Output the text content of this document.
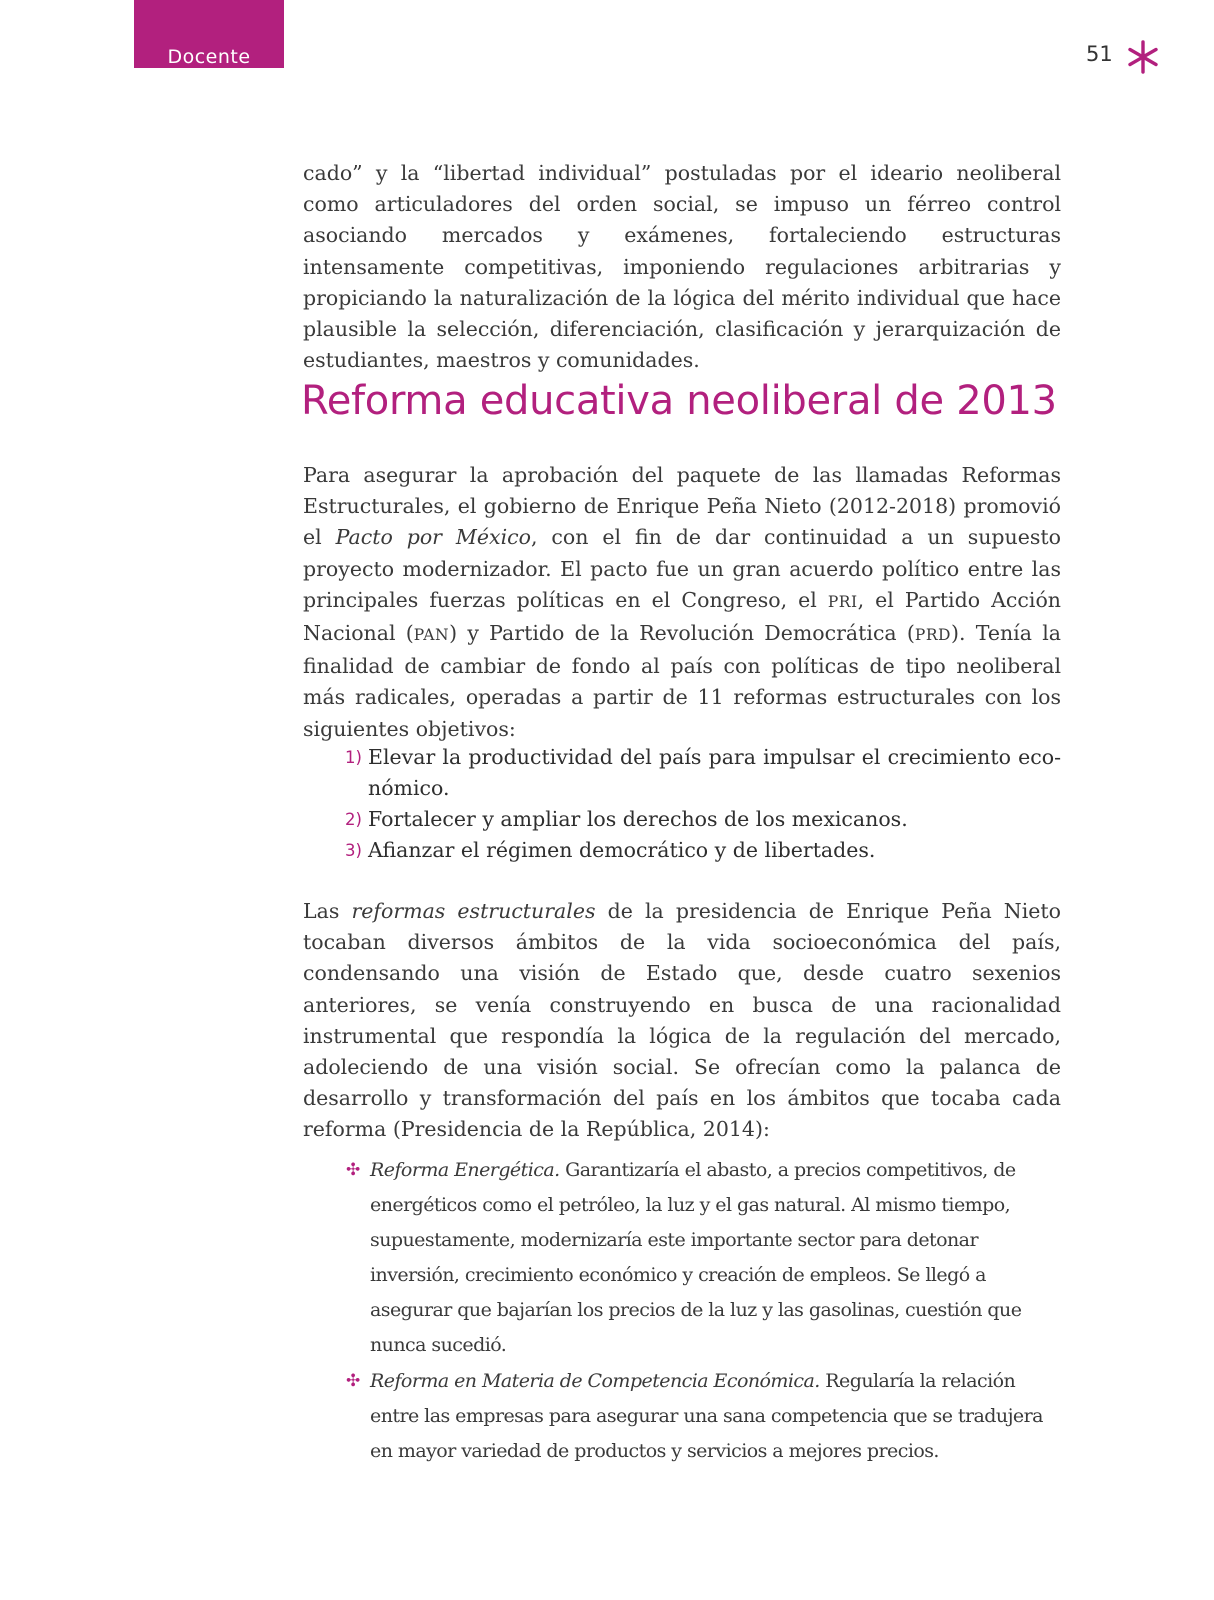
Docente	51

cado” y la “libertad individual” postuladas por el ideario neoliberal como articuladores del orden social, se impuso un férreo control asociando mercados y exámenes, fortaleciendo estructuras intensamente competitivas, imponiendo regulaciones arbitrarias y propiciando la naturalización de la lógica del mérito individual que hace plausible la selección, diferenciación, clasificación y jerarquización de estudiantes, maestros y comunidades.

Reforma educativa neoliberal de 2013

Para asegurar la aprobación del paquete de las llamadas Reformas Estructurales, el gobierno de Enrique Peña Nieto (2012-2018) promovió el Pacto por México, con el fin de dar continuidad a un supuesto proyecto modernizador. El pacto fue un gran acuerdo político entre las principales fuerzas políticas en el Congreso, el PRI, el Partido Acción Nacional (PAN) y Partido de la Revolución Democrática (PRD). Tenía la finalidad de cambiar de fondo al país con políticas de tipo neoliberal más radicales, operadas a partir de 11 reformas estructurales con los siguientes objetivos:

1) Elevar la productividad del país para impulsar el crecimiento económico.
2) Fortalecer y ampliar los derechos de los mexicanos.
3) Afianzar el régimen democrático y de libertades.

Las reformas estructurales de la presidencia de Enrique Peña Nieto tocaban diversos ámbitos de la vida socioeconómica del país, condensando una visión de Estado que, desde cuatro sexenios anteriores, se venía construyendo en busca de una racionalidad instrumental que respondía la lógica de la regulación del mercado, adoleciendo de una visión social. Se ofrecían como la palanca de desarrollo y transformación del país en los ámbitos que tocaba cada reforma (Presidencia de la República, 2014):

✣ Reforma Energética. Garantizaría el abasto, a precios competitivos, de energéticos como el petróleo, la luz y el gas natural. Al mismo tiempo, supuestamente, modernizaría este importante sector para detonar inversión, crecimiento económico y creación de empleos. Se llegó a asegurar que bajarían los precios de la luz y las gasolinas, cuestión que nunca sucedió.
✣ Reforma en Materia de Competencia Económica. Regularía la relación entre las empresas para asegurar una sana competencia que se tradujera en mayor variedad de productos y servicios a mejores precios.
